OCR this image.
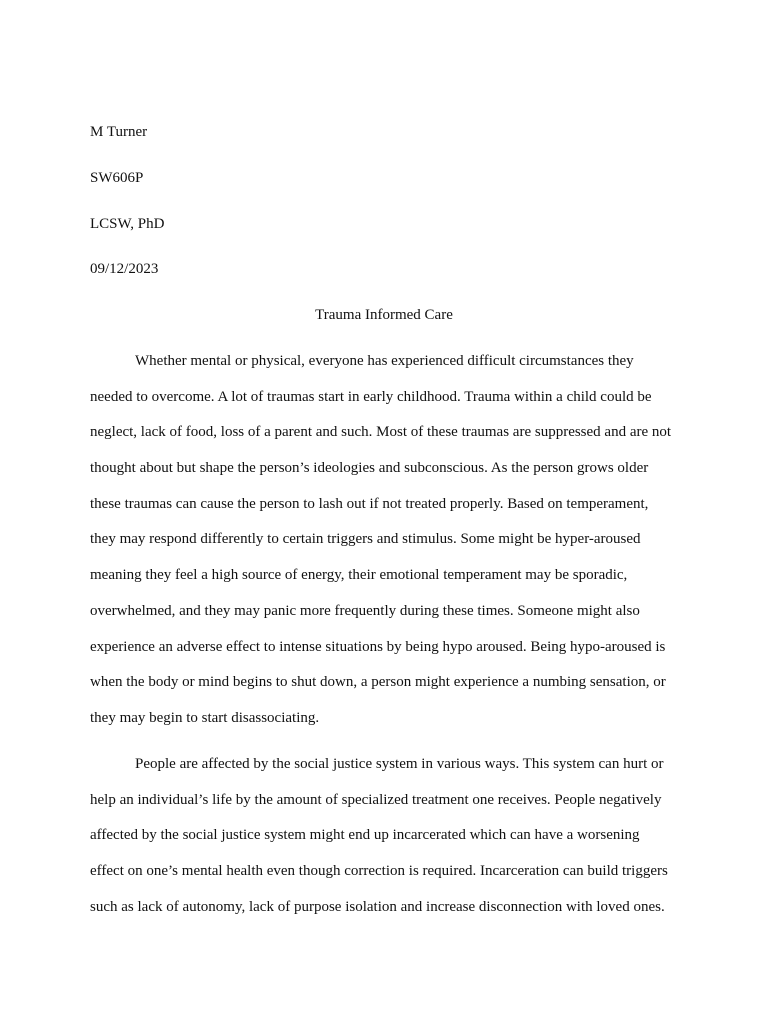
M Turner
SW606P
LCSW, PhD
09/12/2023
Trauma Informed Care
Whether mental or physical, everyone has experienced difficult circumstances they
needed to overcome. A lot of traumas start in early childhood. Trauma within a child could be
neglect, lack of food, loss of a parent and such. Most of these traumas are suppressed and are not
thought about but shape the person’s ideologies and subconscious. As the person grows older
these traumas can cause the person to lash out if not treated properly. Based on temperament,
they may respond differently to certain triggers and stimulus. Some might be hyper-aroused
meaning they feel a high source of energy, their emotional temperament may be sporadic,
overwhelmed, and they may panic more frequently during these times. Someone might also
experience an adverse effect to intense situations by being hypo aroused. Being hypo-aroused is
when the body or mind begins to shut down, a person might experience a numbing sensation, or
they may begin to start disassociating.
People are affected by the social justice system in various ways. This system can hurt or
help an individual’s life by the amount of specialized treatment one receives. People negatively
affected by the social justice system might end up incarcerated which can have a worsening
effect on one’s mental health even though correction is required. Incarceration can build triggers
such as lack of autonomy, lack of purpose isolation and increase disconnection with loved ones.
